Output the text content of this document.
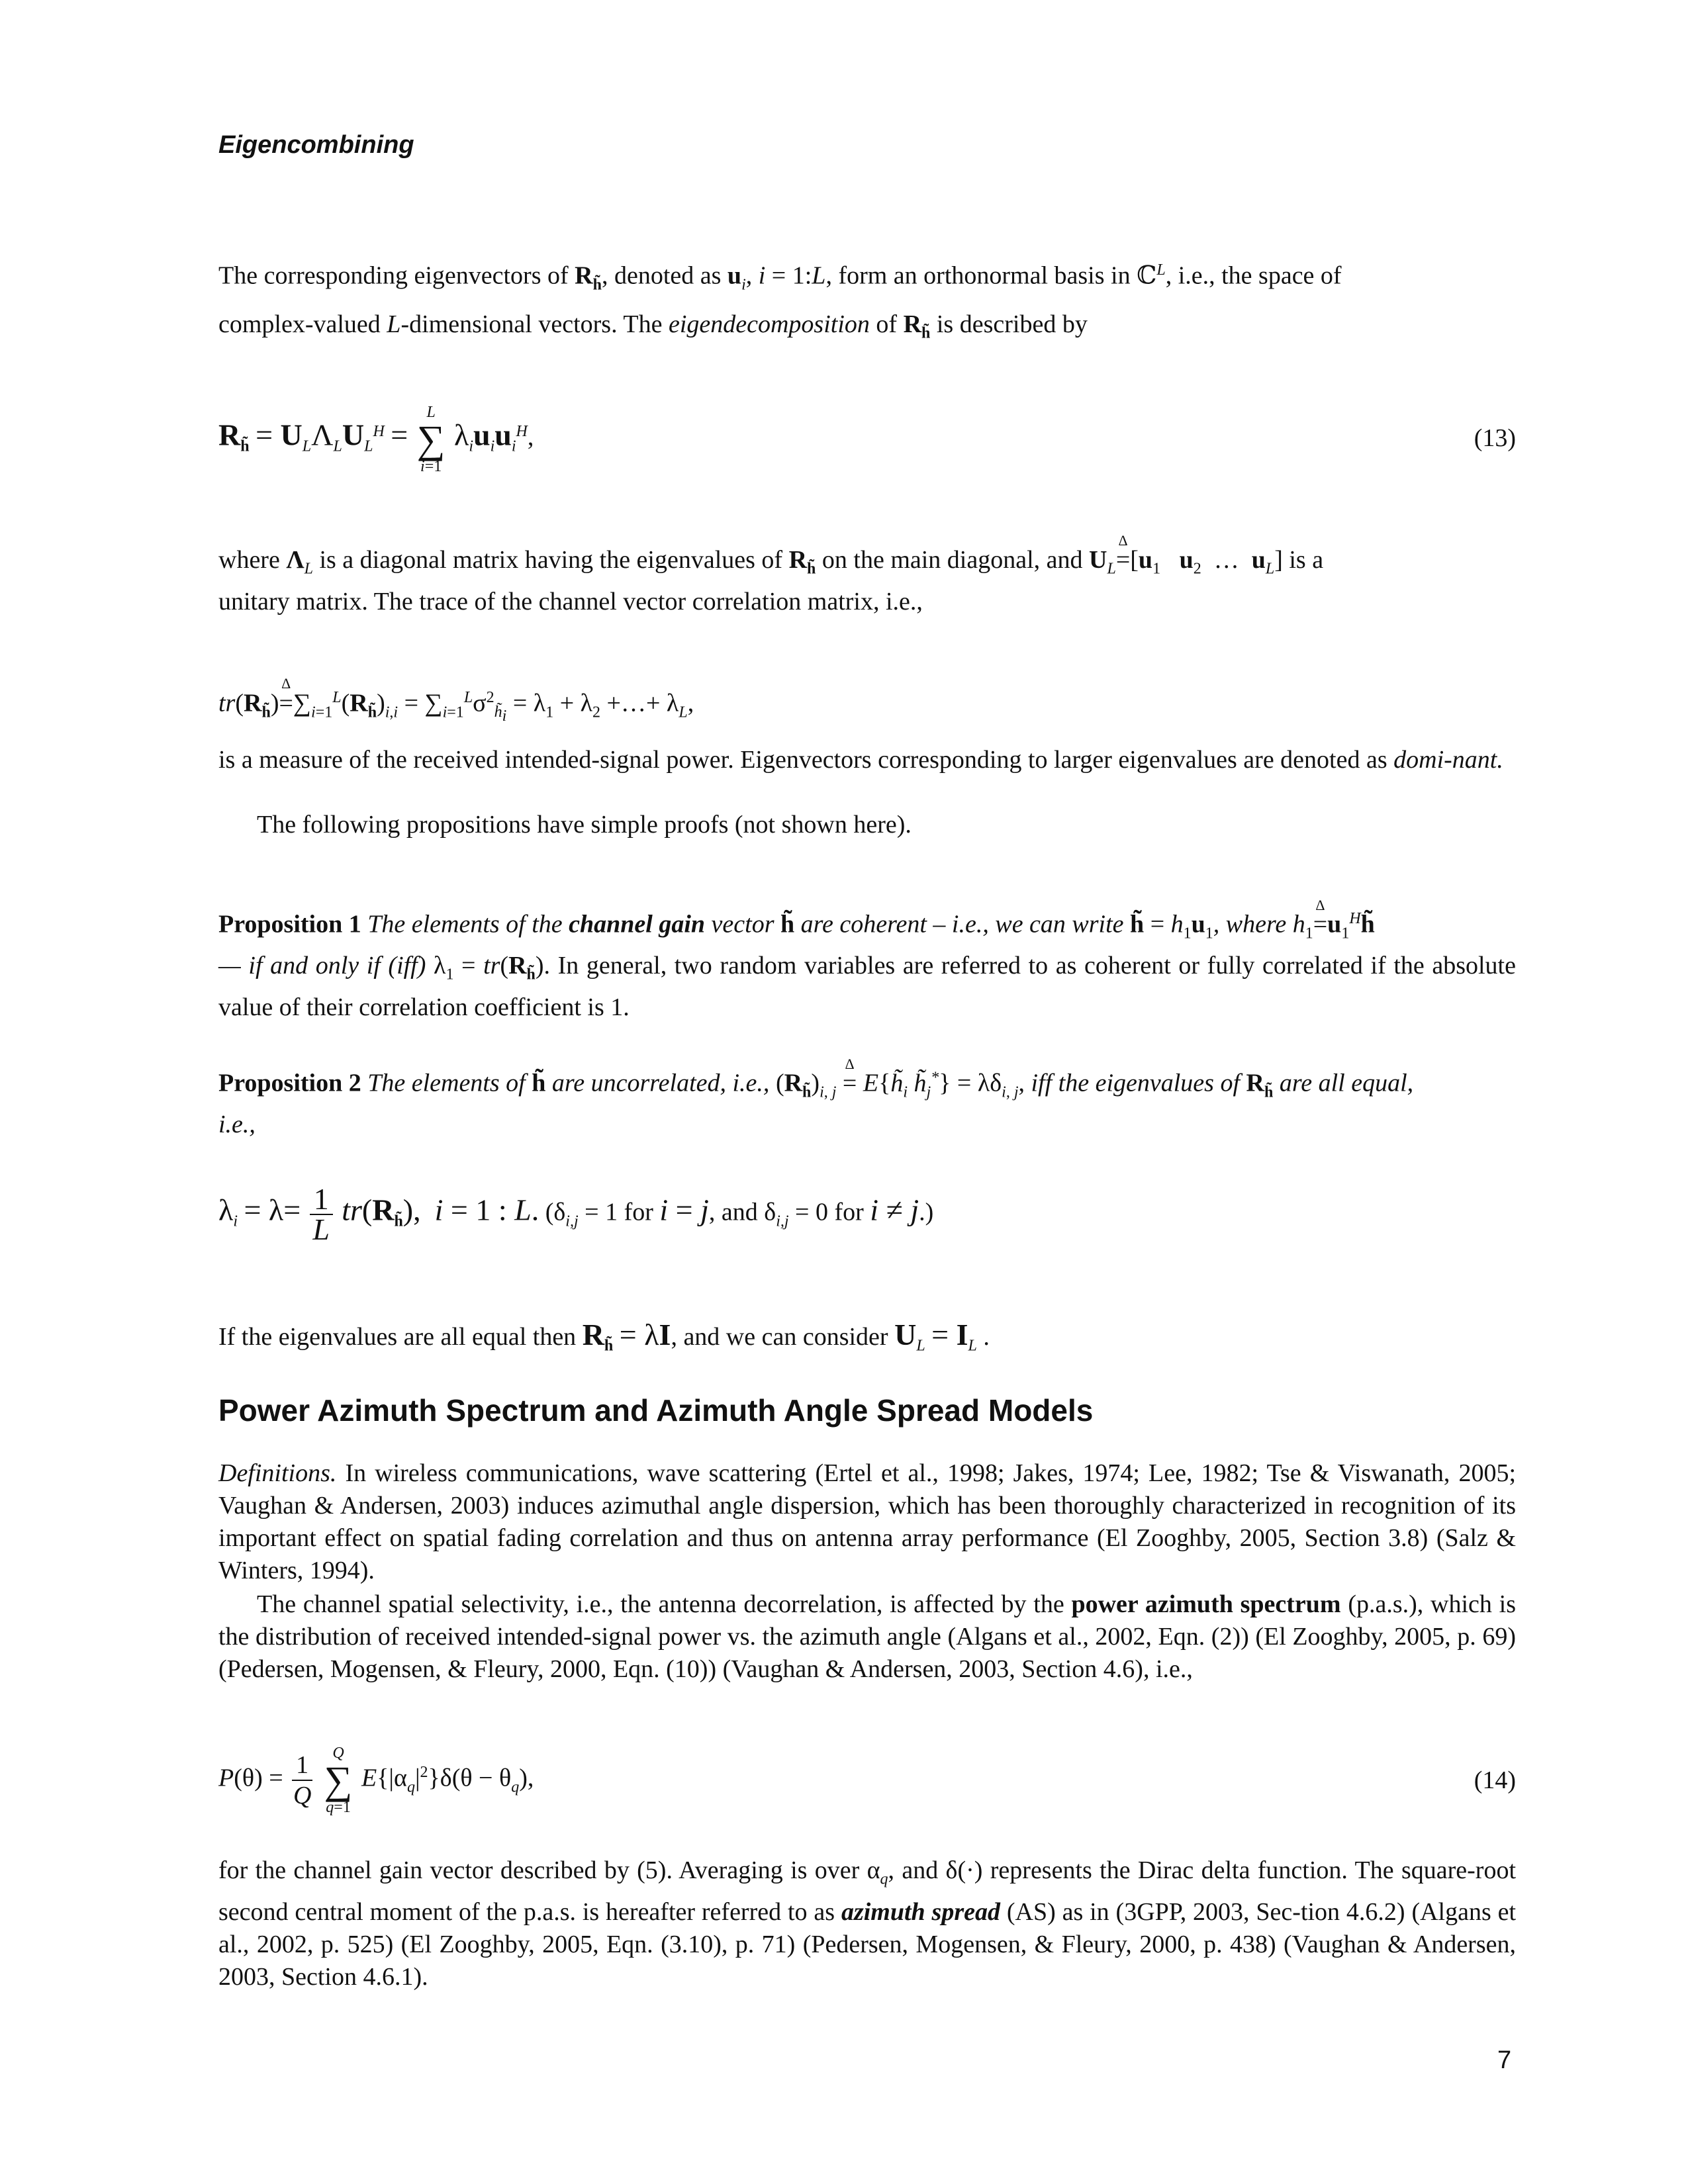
Eigencombining
The corresponding eigenvectors of $R_{h̃}$, denoted as $u_i$, i = 1:L, form an orthonormal basis in ℂ$^L$, i.e., the space of
complex-valued L-dimensional vectors. The eigendecomposition of $R_{h̃}$ is described by
$R_{h̃} = U_L\Lambda_LU_L^H$ =
L
∑
i=1
$\lambda_iu_iu_i^H$,	(13)
where $\Lambda_L$ is a diagonal matrix having the eigenvalues of $R_{h̃}$ on the main diagonal, and $U_L=$
Δ
[$u_1$ $u_2$  …  $u_L$] is a
unitary matrix. The trace of the channel vector correlation matrix, i.e.,
$tr(R_{h̃})=$
Δ
$\sum_{i=1}^L(R_{h̃})_{i,i} = \sum_{i=1}^L\sigma^2_{h̃_i} = \lambda_1 + \lambda_2$ +…+ $\lambda_L$,
is a measure of the received intended-signal power. Eigenvectors corresponding to larger eigenvalues are denoted as domi-nant.
The following propositions have simple proofs (not shown here).
Proposition 1 The elements of the channel gain vector h̃ are coherent – i.e., we can write h̃ = $h_1u_1$, where $h_1=$
Δ
$u_1^Hh̃$
— if and only if (iff) $\lambda_1 = tr(R_{h̃})$. In general, two random variables are referred to as coherent or fully correlated if the absolute value of their correlation coefficient is 1.
Proposition 2 The elements of h̃ are uncorrelated, i.e., $(R_{h̃})_{i, j}$ =
Δ
$E\{h̃_i$ $h̃_j^*\} = \lambda\delta_{i, j}$, iff the eigenvalues of $R_{h̃}$ are all equal,
i.e.,
$\lambda_i = \lambda= \frac{1}{L} tr(R_{h̃})$, i = 1 : L. ($\delta_{i,j} = 1$ for i = j, and $\delta_{i,j} = 0$ for i ≠ j.)
If the eigenvalues are all equal then $R_{h̃} = \lambda I$, and we can consider $U_L = I_L$ .
Power Azimuth Spectrum and Azimuth Angle Spread Models
Definitions. In wireless communications, wave scattering (Ertel et al., 1998; Jakes, 1974; Lee, 1982; Tse & Viswanath, 2005; Vaughan & Andersen, 2003) induces azimuthal angle dispersion, which has been thoroughly characterized in recognition of its important effect on spatial fading correlation and thus on antenna array performance (El Zooghby, 2005, Section 3.8) (Salz & Winters, 1994).
The channel spatial selectivity, i.e., the antenna decorrelation, is affected by the power azimuth spectrum (p.a.s.), which is the distribution of received intended-signal power vs. the azimuth angle (Algans et al., 2002, Eqn. (2)) (El Zooghby, 2005, p. 69) (Pedersen, Mogensen, & Fleury, 2000, Eqn. (10)) (Vaughan & Andersen, 2003, Section 4.6), i.e.,
$P(\theta) = \frac{1}{Q}$
	Q
∑
q=1
$E\{|\alpha_q|^2\}\delta(\theta - \theta_q)$,	(14)
for the channel gain vector described by (5). Averaging is over $\alpha_q$, and δ(·) represents the Dirac delta function. The square-root second central moment of the p.a.s. is hereafter referred to as azimuth spread (AS) as in (3GPP, 2003, Sec-tion 4.6.2) (Algans et al., 2002, p. 525) (El Zooghby, 2005, Eqn. (3.10), p. 71) (Pedersen, Mogensen, & Fleury, 2000, p. 438) (Vaughan & Andersen, 2003, Section 4.6.1).
7
